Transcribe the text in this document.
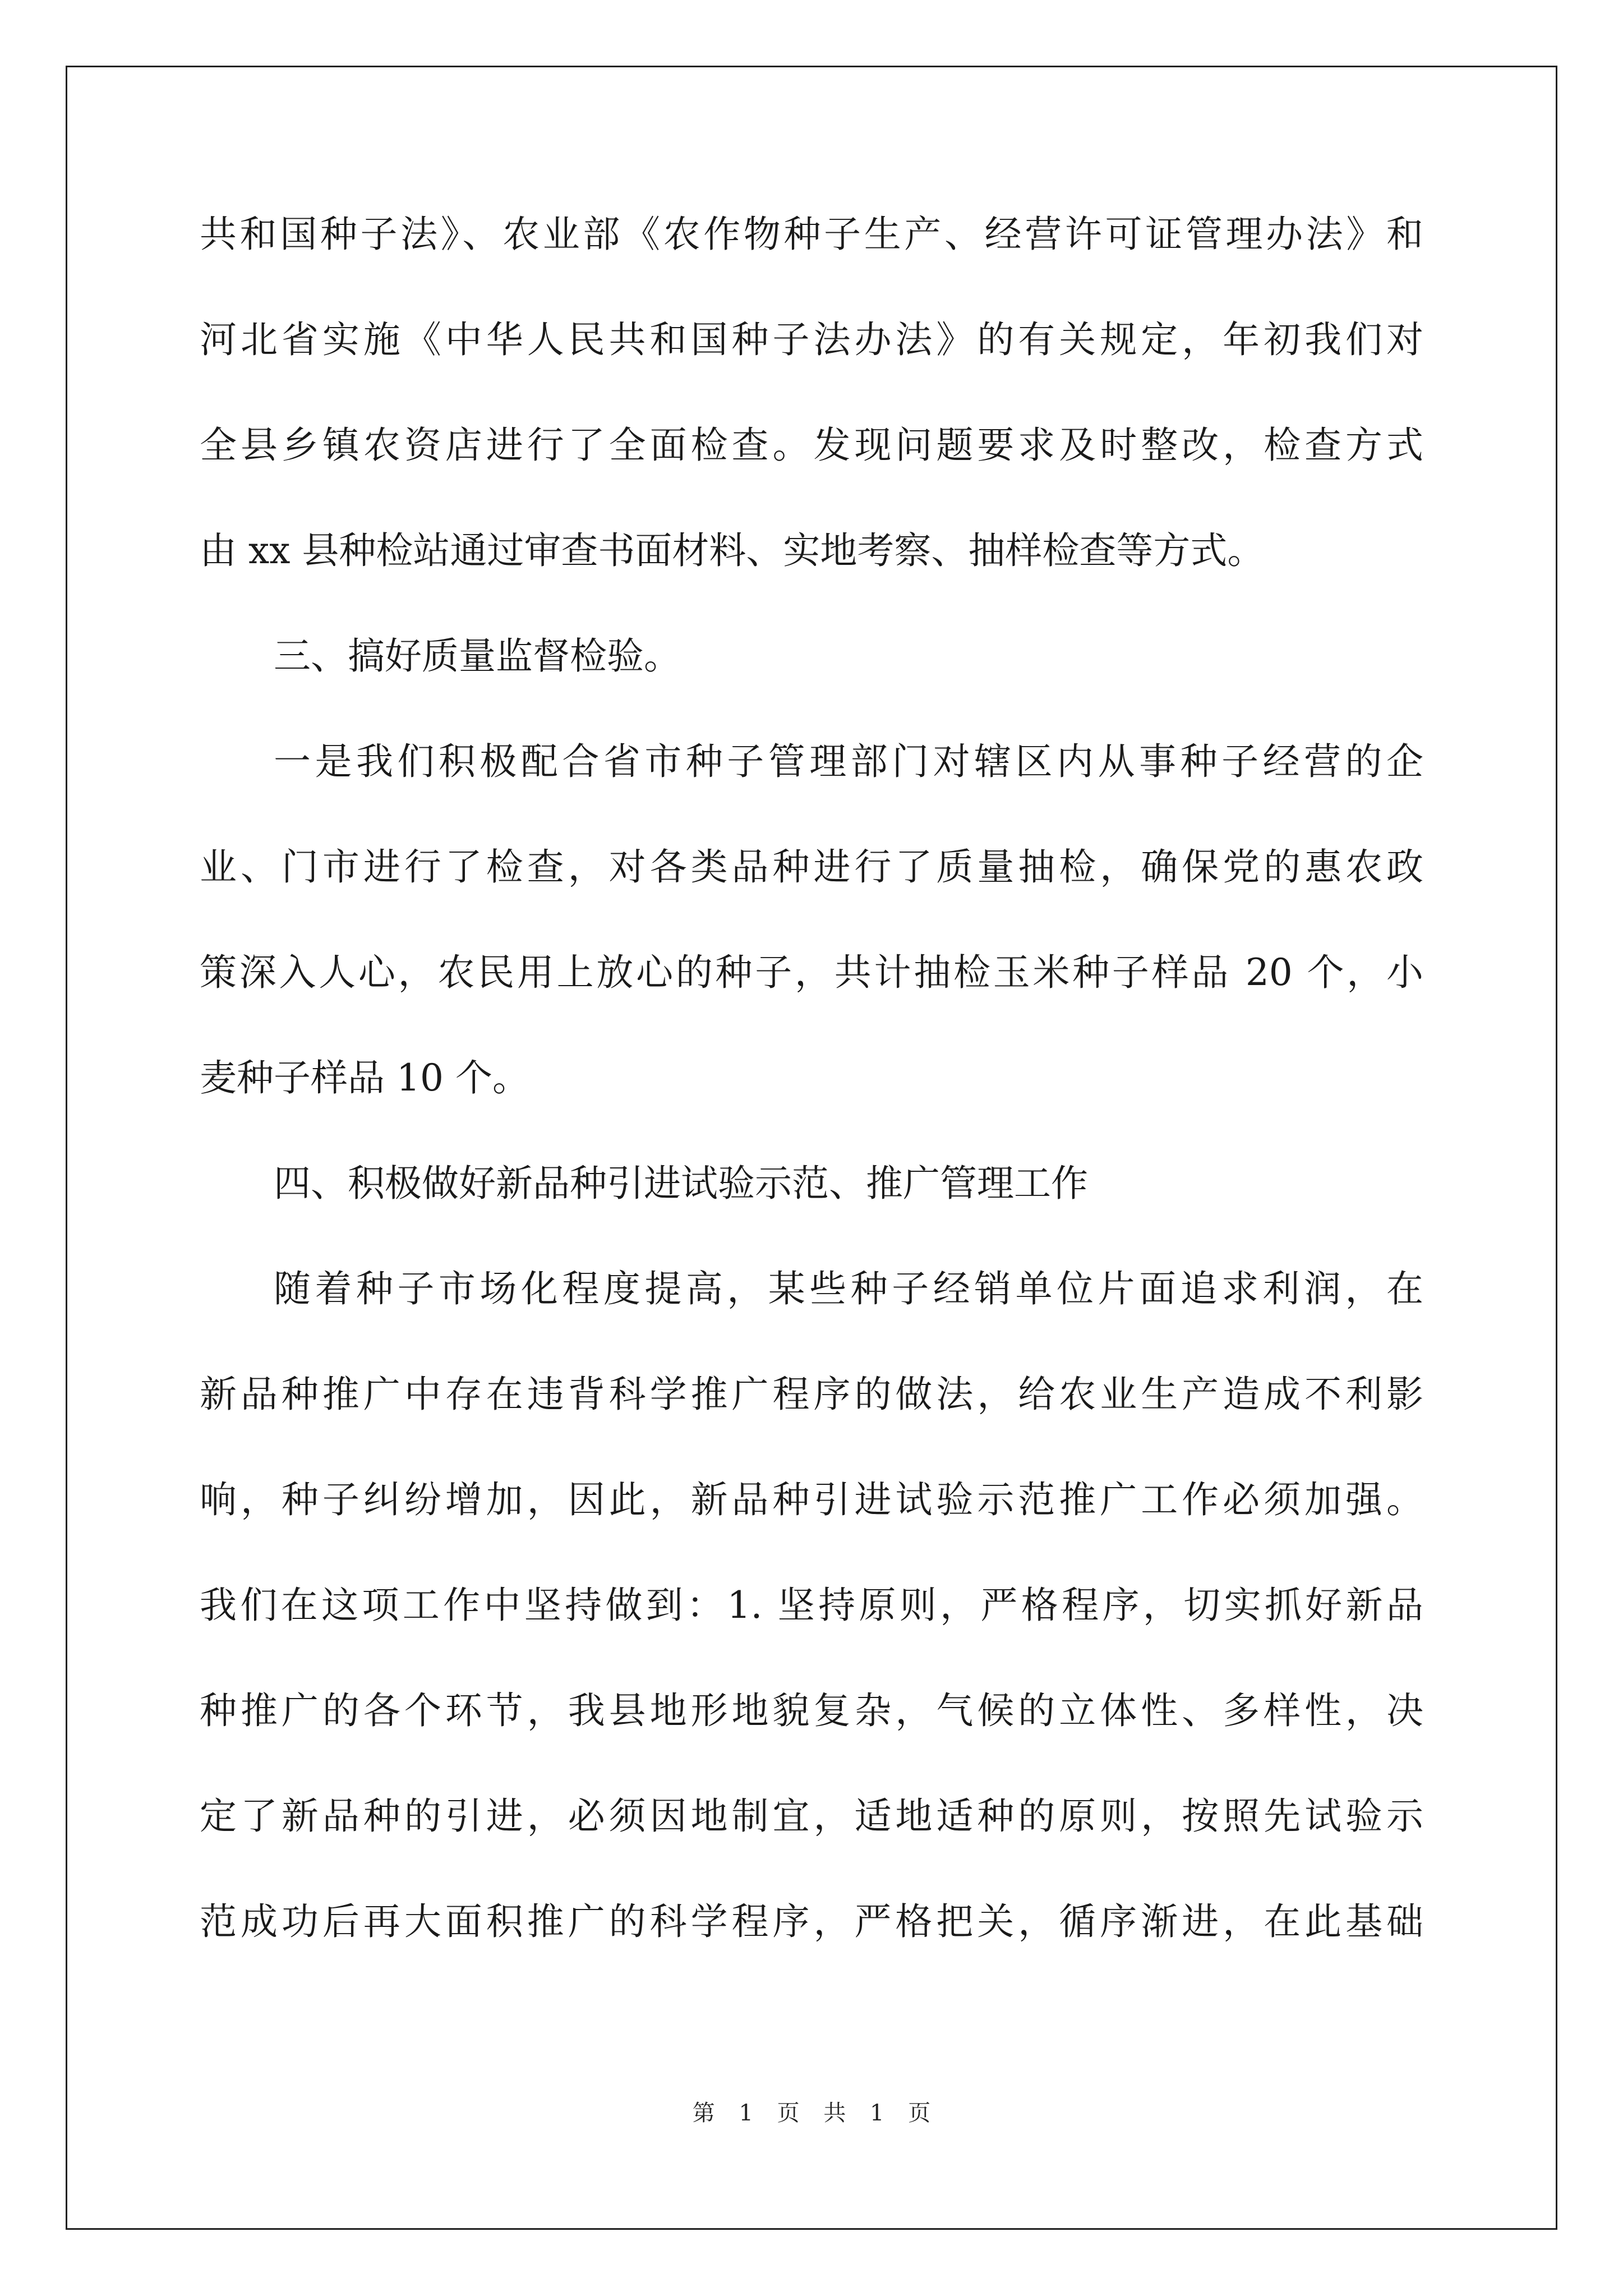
共和国种子法》、农业部《农作物种子生产、经营许可证管理办法》和
河北省实施《中华人民共和国种子法办法》的有关规定，年初我们对
全县乡镇农资店进行了全面检查。发现问题要求及时整改，检查方式
由 xx 县种检站通过审查书面材料、实地考察、抽样检查等方式。
三、搞好质量监督检验。
一是我们积极配合省市种子管理部门对辖区内从事种子经营的企
业、门市进行了检查，对各类品种进行了质量抽检，确保党的惠农政
策深入人心，农民用上放心的种子，共计抽检玉米种子样品 20 个，小
麦种子样品 10 个。
四、积极做好新品种引进试验示范、推广管理工作
随着种子市场化程度提高，某些种子经销单位片面追求利润，在
新品种推广中存在违背科学推广程序的做法，给农业生产造成不利影
响，种子纠纷增加，因此，新品种引进试验示范推广工作必须加强。
我们在这项工作中坚持做到：1. 坚持原则，严格程序，切实抓好新品
种推广的各个环节，我县地形地貌复杂，气候的立体性、多样性，决
定了新品种的引进，必须因地制宜，适地适种的原则，按照先试验示
范成功后再大面积推广的科学程序，严格把关，循序渐进，在此基础
第 1 页 共 1 页
